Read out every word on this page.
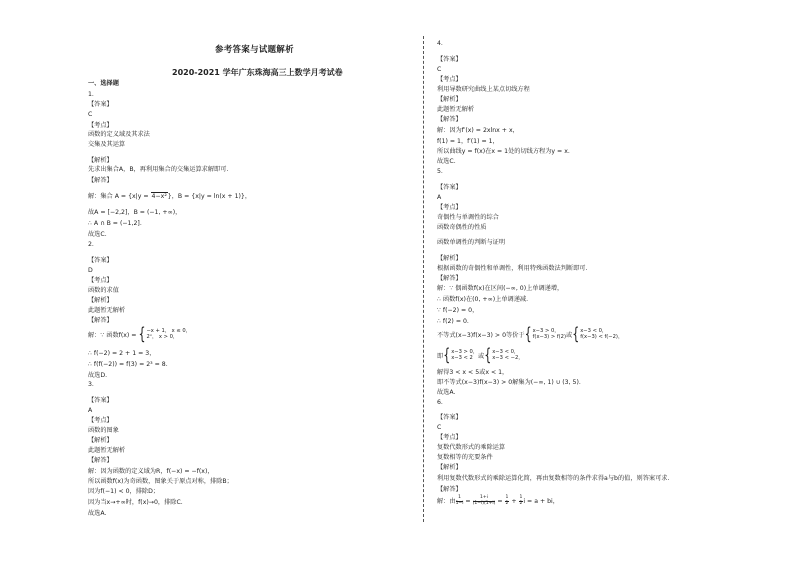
参考答案与试题解析
2020-2021 学年广东珠海高三上数学月考试卷
一、选择题
1.
【答案】
C
【考点】
函数的定义域及其求法
交集及其运算
【解析】
先求出集合A，B，再利用集合的交集运算求解即可.
【解答】
解：集合 A = {x|y = 4−x²}，B = {x|y = ln(x + 1)}，
故A = [−2,2]，B = (−1, +∞)，
∴ A ∩ B = (−1,2].
故选C.
2.
【答案】
D
【考点】
函数的求值
【解析】
此题暂无解析
【解答】
解：∵ 函数f(x) = { −x + 1， x ≤ 0，
2ˣ， x > 0，
∴ f(−2) = 2 + 1 = 3，
∴ f(f(−2)) = f(3) = 2³ = 8.
故选D.
3.
【答案】
A
【考点】
函数的图象
【解析】
此题暂无解析
【解答】
解：因为函数的定义域为R，f(−x) = −f(x)，
所以函数f(x)为奇函数，图象关于原点对称，排除B；
因为f(−1) < 0，排除D；
因为当x→+∞时，f(x)→0，排除C.
故选A.
4.
【答案】
C
【考点】
利用导数研究曲线上某点切线方程
【解析】
此题暂无解析
【解答】
解：因为f′(x) = 2xlnx + x，
f(1) = 1，f′(1) = 1，
所以曲线y = f(x)在x = 1处的切线方程为y = x.
故选C.
5.
【答案】
A
【考点】
奇偶性与单调性的综合
函数奇偶性的性质
函数单调性的判断与证明
【解析】
根据函数的奇偶性和单调性，利用特殊函数法判断即可.
【解答】
解：∵ 偶函数f(x)在区间(−∞, 0)上单调递增，
∴ 函数f(x)在(0, +∞)上单调递减.
∵ f(−2) = 0，
∴ f(2) = 0.
不等式(x−3)f(x−3) > 0等价于{ x−3 > 0，
f(x−3) > f(2) 或{ x−3 < 0，
f(x−3) < f(−2)，
即{ x−3 > 0，
x−3 < 2 或{ x−3 < 0，
x−3 < −2，
解得3 < x < 5或x < 1，
即不等式(x−3)f(x−3) > 0解集为(−∞, 1) ∪ (3, 5).
故选A.
6.
【答案】
C
【考点】
复数代数形式的乘除运算
复数相等的充要条件
【解析】
利用复数代数形式的乘除运算化简，再由复数相等的条件求得a与b的值，则答案可求.
【解答】
解：由 $\frac{1}{1-i} = \frac{1+i}{(1-i)(1+i)} = \frac{1}{2} + \frac{1}{2}$ i = a + bi，
